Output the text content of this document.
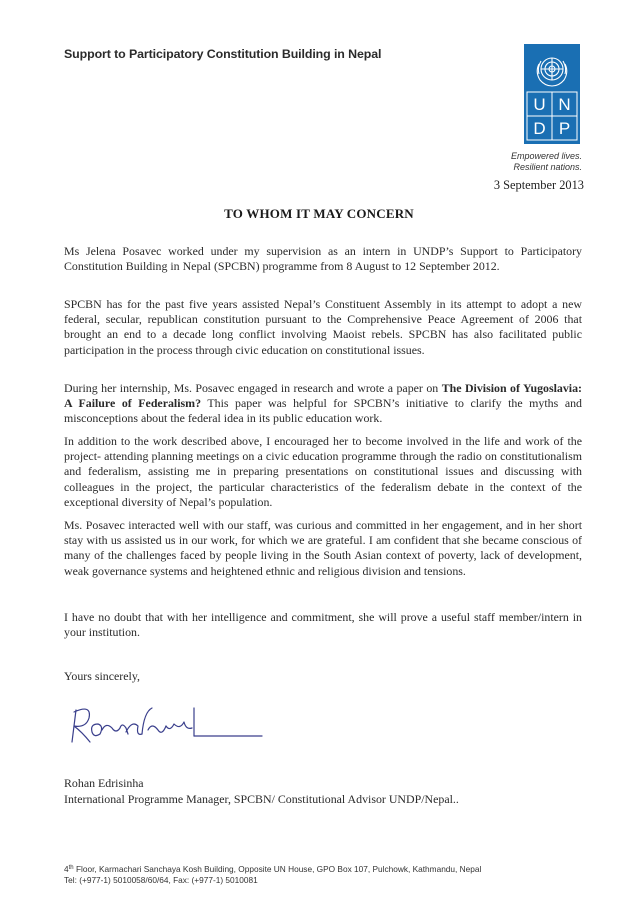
Support to Participatory Constitution Building in Nepal
U N
D P
Empowered lives.
Resilient nations.
3 September 2013
TO WHOM IT MAY CONCERN

Ms Jelena Posavec worked under my supervision as an intern in UNDP’s Support to Participatory Constitution Building in Nepal (SPCBN) programme from 8 August to 12 September 2012.

SPCBN has for the past five years assisted Nepal’s Constituent Assembly in its attempt to adopt a new federal, secular, republican constitution pursuant to the Comprehensive Peace Agreement of 2006 that brought an end to a decade long conflict involving Maoist rebels. SPCBN has also facilitated public participation in the process through civic education on constitutional issues.

During her internship, Ms. Posavec engaged in research and wrote a paper on The Division of Yugoslavia: A Failure of Federalism? This paper was helpful for SPCBN’s initiative to clarify the myths and misconceptions about the federal idea in its public education work.

In addition to the work described above, I encouraged her to become involved in the life and work of the project- attending planning meetings on a civic education programme through the radio on constitutionalism and federalism, assisting me in preparing presentations on constitutional issues and discussing with colleagues in the project, the particular characteristics of the federalism debate in the context of the exceptional diversity of Nepal’s population.

Ms. Posavec interacted well with our staff, was curious and committed in her engagement, and in her short stay with us assisted us in our work, for which we are grateful. I am confident that she became conscious of many of the challenges faced by people living in the South Asian context of poverty, lack of development, weak governance systems and heightened ethnic and religious division and tensions.

I have no doubt that with her intelligence and commitment, she will prove a useful staff member/intern in your institution.

Yours sincerely,

Rohan Edrisinha
International Programme Manager, SPCBN/ Constitutional Advisor UNDP/Nepal..
4th Floor, Karmachari Sanchaya Kosh Building, Opposite UN House, GPO Box 107, Pulchowk, Kathmandu, Nepal
Tel: (+977-1) 5010058/60/64, Fax: (+977-1) 5010081
